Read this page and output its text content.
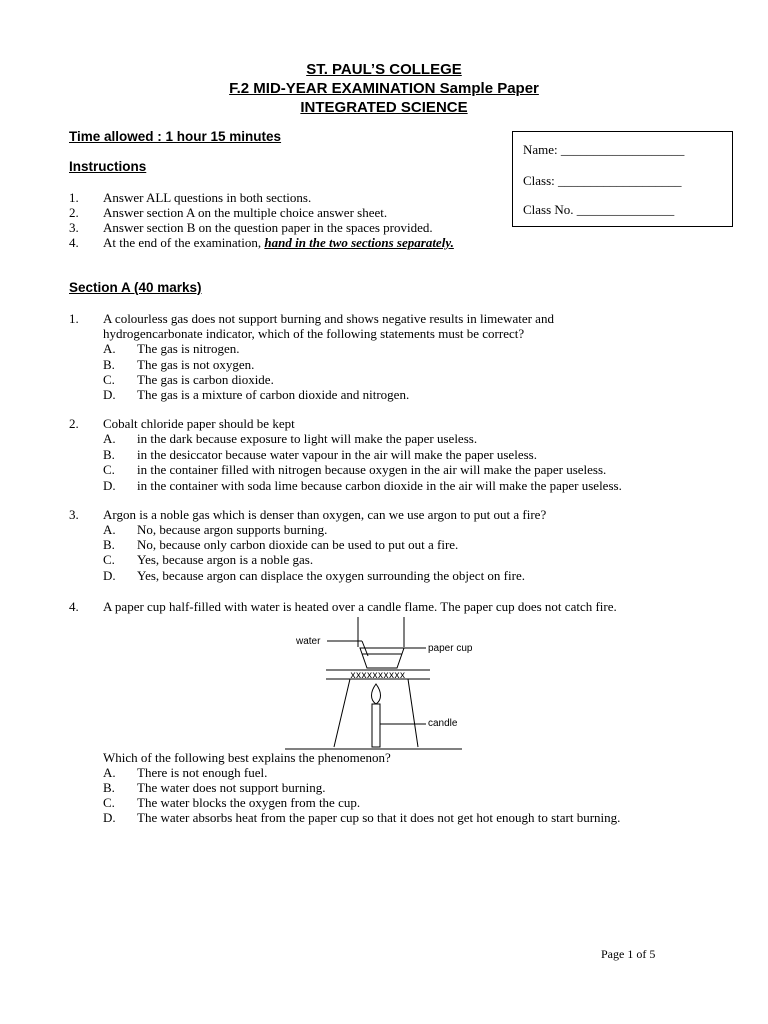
ST. PAUL’S COLLEGE
F.2 MID-YEAR EXAMINATION Sample Paper
INTEGRATED SCIENCE
Time allowed : 1 hour 15 minutes
Instructions
Name: ___________________
Class: ___________________
Class No. _______________
1. Answer ALL questions in both sections.
2. Answer section A on the multiple choice answer sheet.
3. Answer section B on the question paper in the spaces provided.
4. At the end of the examination, hand in the two sections separately.
Section A (40 marks)
1. A colourless gas does not support burning and shows negative results in limewater and
hydrogencarbonate indicator, which of the following statements must be correct?
A. The gas is nitrogen.
B. The gas is not oxygen.
C. The gas is carbon dioxide.
D. The gas is a mixture of carbon dioxide and nitrogen.
2. Cobalt chloride paper should be kept
A. in the dark because exposure to light will make the paper useless.
B. in the desiccator because water vapour in the air will make the paper useless.
C. in the container filled with nitrogen because oxygen in the air will make the paper useless.
D. in the container with soda lime because carbon dioxide in the air will make the paper useless.
3. Argon is a noble gas which is denser than oxygen, can we use argon to put out a fire?
A. No, because argon supports burning.
B. No, because only carbon dioxide can be used to put out a fire.
C. Yes, because argon is a noble gas.
D. Yes, because argon can displace the oxygen surrounding the object on fire.
4. A paper cup half-filled with water is heated over a candle flame. The paper cup does not catch fire.
xxxxxxxxxx
water
paper cup
candle
Which of the following best explains the phenomenon?
A. There is not enough fuel.
B. The water does not support burning.
C. The water blocks the oxygen from the cup.
D. The water absorbs heat from the paper cup so that it does not get hot enough to start burning.
Page 1 of 5
